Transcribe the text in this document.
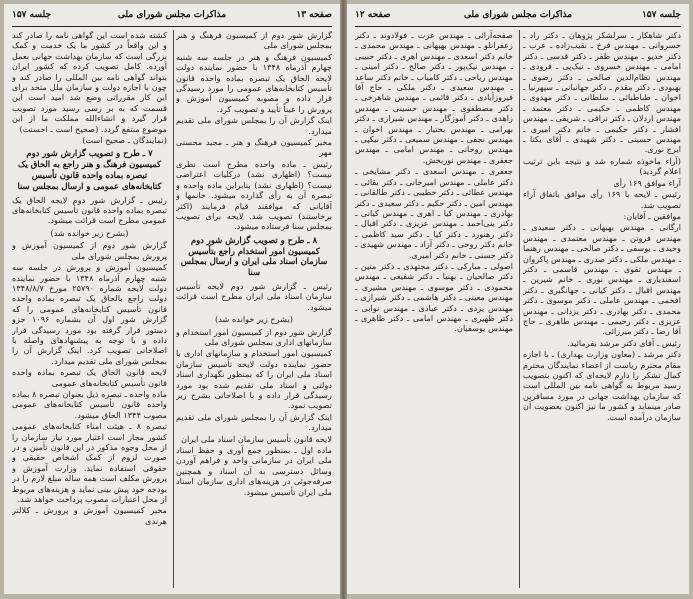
صفحه ۱۳
مذاکرات مجلس شورای ملی
جلسه ۱۵۷

گزارش شور دوم از کمیسیون فرهنگ و هنر بمجلس شورای ملی

کمیسیون فرهنگ و هنر در جلسه سه شنبه چهارم آذرماه ۱۳۴۸ با حضور نماینده دولت لایحه الحاق یک تبصره بماده واحده قانون تأسیس کتابخانه‌های عمومی را مورد رسیدگی قرار داده و مصوبه کمیسیون آموزش و پرورش را عیناً تأیید و تصویب کرد.

اینک گزارش آن را بمجلس شورای ملی تقدیم میدارد.

مخبر کمیسیون فرهنگ و هنر ـ مجید محسنی مهر

رئیس ـ ماده واحده مطرح است نظری نیست؟ (اظهاری نشد) درکلیات اعتراضی نیست؟ (اظهاری نشد) بنابراین ماده واحده و تبصره آن به رأی گذارده میشود. خانمها و آقایانی که موافقند قیام فرمایند (اکثر برخاستند) تصویب شد. لایحه برای تصویب بمجلس سنا فرستاده میشود.

۸ ـ طرح و تصویب گزارش شور دوم کمیسیون امور استخدام راجع بتأسیس سازمان اسناد ملی ایران و ارسال بمجلس سنا

رئیس ـ گزارش شور دوم لایحه تأسیس سازمان اسناد ملی ایران مطرح است قرائت میشود.

(بشرح زیر خوانده شد)

گزارش شور دوم از کمیسیون امور استخدام و سازمانهای اداری بمجلس شورای ملی

کمیسیون امور استخدام و سازمانهای اداری با حضور نماینده دولت لایحه تأسیس سازمان اسناد ملی ایران را که بمنظور نگهداری اسناد دولتی و اسناد ملی تقدیم شده بود مورد رسیدگی قرار داده و با اصلاحاتی بشرح زیر تصویب نمود.

اینک گزارش آن را بمجلس شورای ملی تقدیم میدارد.

لایحه قانون تأسیس سازمان اسناد ملی ایران

ماده اول ـ بمنظور جمع آوری و حفظ اسناد ملی ایران در سازمانی واحد و فراهم آوردن وسائل دسترسی به آن اسناد و همچنین صرفه‌جوئی در هزینه‌های اداری سازمان اسناد ملی ایران تأسیس میشود.

کشته شده است این گواهی نامه را صادر کند و این واقعاً در کشور ما یک خدمت و کمک بزرگی است که سازمان بهداشت جهانی بعمل آورده. کامل تصویب کرده که کشور ایران بتواند گواهی نامه بین المللی را صادر کند و چون با اجازه دولت و سازمان ملل متحد برای این کار مقرراتی وضع شد امید است این قسمت که به بر رسی رسید مورد تصویب قرار گیرد و انشاءالله مملکت ما از این موضوع منتفع گردد. (صحیح است ـ احسنت)

(نمایندگان ـ صحیح است)

۷ ـ طرح و تصویب گزارش شور دوم کمیسیون فرهنگ و هنر راجع به الحاق یک تبصره بماده واحده قانون تأسیس کتابخانه‌های عمومی و ارسال بمجلس سنا

رئیس ـ گزارش شور دوم لایحه الحاق یک تبصره بماده واحده قانون تأسیس کتابخانه‌های عمومی مطرح است قرائت میشود.

(بشرح زیر خوانده شد)

گزارش شور دوم از کمیسیون آموزش و پرورش بمجلس شورای ملی

کمیسیون آموزش و پرورش در جلسه سه شنبه چهارم آذرماه ۱۳۴۸ با حضور نماینده دولت لایحه شماره ۲۵۷۹۰ مورخ ۱۳۴۸/۸/۷ دولت راجع بالحاق یک تبصره بماده واحده قانون تأسیس کتابخانه‌های عمومی را که گزارش شور اول آن بشماره ۱۰۹۶ جزو دستور قرار گرفته بود مورد رسیدگی قرار داده و با توجه به پیشنهادهای واصله با اصلاحاتی تصویب کرد. اینک گزارش آن را بمجلس شورای ملی تقدیم میدارد.

لایحه قانون الحاق یک تبصره بماده واحده قانون تأسیس کتابخانه‌های عمومی

ماده واحده ـ تبصره ذیل بعنوان تبصره ۸ بماده واحده قانون تأسیس کتابخانه‌های عمومی مصوب ۱۳۴۴ الحاق میشود.

تبصره ۸ ـ هیئت امناء کتابخانه‌های عمومی کشور مجاز است اعتبار مورد نیاز سازمان را از محل وجوه مذکور در این قانون تأمین و در صورت لزوم از کمک اشخاص حقیقی و حقوقی استفاده نماید. وزارت آموزش و پرورش مکلف است همه ساله مبلغ لازم را در بودجه خود پیش بینی نماید و هزینه‌های مربوط از محل اعتبارات مصوب پرداخت خواهد شد.

مخبر کمیسیون آموزش و پرورش ـ کلالتر هرندی

جلسه ۱۵۷
مذاکرات مجلس شورای ملی
صفحه ۱۲

دکتر شاهکار ـ سرلشکر پژوهان ـ دکتر راد ـ خسروانی ـ مهندس فرخ ـ نقیب‌زاده ـ عرب ـ دکتر خدیو ـ مهندس ظفر ـ دکتر قدسی ـ دکتر امامی ـ مهندس خسروی ـ نیک‌پی ـ فرودی ـ مهندس نظام‌الدین صالحی ـ دکتر رضوی ـ بهبودی ـ دکتر مقدم ـ دکتر جهانبانی ـ سپهرنیا ـ اخوان ـ طباطبائی ـ سلطانی ـ دکتر مهدوی ـ مهندس کاظمی ـ حکیمی ـ دکتر معتمد ـ مهندس اردلان ـ دکتر نراقی ـ شریفی ـ مهندس افشار ـ دکتر حکیمی ـ خانم دکتر امیری ـ مهندس حسینی ـ دکتر شهیدی ـ آقای یکتا ـ ایرج نوری.

(آراء ماخوذه شماره شد و نتیجه باین ترتیب اعلام گردید)

آراء موافق ۱۶۹ رأی

رئیس ـ لایحه با ۱۶۹ رأی موافق باتفاق آراء تصویب شد.

موافقین ـ آقایان:

ارگانی ـ مهندس بهبهانی ـ دکتر سعیدی ـ مهندس فروتن ـ مهندس معتمدی ـ مهندس وحیدی ـ یوسفی ـ دکتر صالحی ـ مهندس رهنما ـ مهندس ملکی ـ دکتر صدری ـ مهندس پاکروان ـ مهندس تقوی ـ مهندس قاسمی ـ دکتر اسفندیاری ـ مهندس نوری ـ خانم شیرین ـ مهندس اقبال ـ دکتر کیانی ـ جهانگیری ـ دکتر افخمی ـ مهندس عاملی ـ دکتر موسوی ـ دکتر محمدی ـ دکتر بهادری ـ دکتر یزدانی ـ مهندس عزیزی ـ دکتر رحیمی ـ مهندس طاهری ـ حاج آقا رضا ـ دکتر میرزائی.

رئیس ـ آقای دکتر مرشد بفرمائید.

دکتر مرشد ـ (معاون وزارت بهداری) ـ با اجازه مقام محترم ریاست از اعضاء نمایندگان محترم کمال تشکر را دارم لایحه‌ای که اکنون بتصویب رسید مربوط به گواهی نامه بین المللی است که سازمان بهداشت جهانی در مورد مسافرین صادر مینماید و کشور ما نیز اکنون بعضویت آن سازمان درآمده است.

صفحه‌آرائی ـ مهندس عزت ـ فولادوند ـ دکتر زعفرانلو ـ مهندس بهبهانی ـ مهندس محمدی ـ خانم دکتر اسعدی ـ مهندس اهری ـ دکتر حبیبی ـ مهندس نیک‌پور ـ دکتر صالح ـ دکتر امینی ـ مهندس ریاحی ـ دکتر کامیاب ـ خانم دکتر ساعد ـ مهندس سعیدی ـ دکتر ملکی ـ حاج آقا فیروزآبادی ـ دکتر قائمی ـ مهندس شاهرخی ـ دکتر مصطفوی ـ مهندس حسینی ـ مهندس زاهدی ـ دکتر آموزگار ـ مهندس شیرازی ـ دکتر بهرامی ـ مهندس بختیار ـ مهندس اخوان ـ مهندس نجفی ـ مهندس سمیعی ـ دکتر نیکپی ـ مهندس روحانی ـ مهندس امامی ـ مهندس جعفری ـ مهندس نوربخش.

جعفری ـ مهندس اسعدی ـ دکتر مشایخی ـ دکتر عاملی ـ مهندس امیرخانی ـ دکتر بقائی ـ مهندس عطائی ـ دکتر خطیبی ـ دکتر طالقانی ـ مهندس امین ـ دکتر حکیم ـ دکتر سعیدی ـ دکتر بهادری ـ مهندس کیا ـ اهری ـ مهندس کیانی ـ دکتر بنی‌احمد ـ مهندس عزیزی ـ دکتر اقبال ـ دکتر رهنورد ـ دکتر کیا ـ دکتر سید کاظمی ـ خانم دکتر روحی ـ دکتر آزاد ـ مهندس شهیدی ـ دکتر حسنی ـ خانم دکتر امیری.

اصولی ـ مبارکی ـ دکتر مجتهدی ـ دکتر متین ـ دکتر صالحیان ـ بهنیا ـ دکتر شفیعی ـ مهندس محمودی ـ دکتر موسوی ـ مهندس مشیری ـ مهندس معینی ـ دکتر هاشمی ـ دکتر شیرازی ـ مهندس یزدی ـ دکتر عبادی ـ مهندس نوابی ـ دکتر ظهیری ـ مهندس امامی ـ دکتر طاهری ـ مهندس یوسفیان.
